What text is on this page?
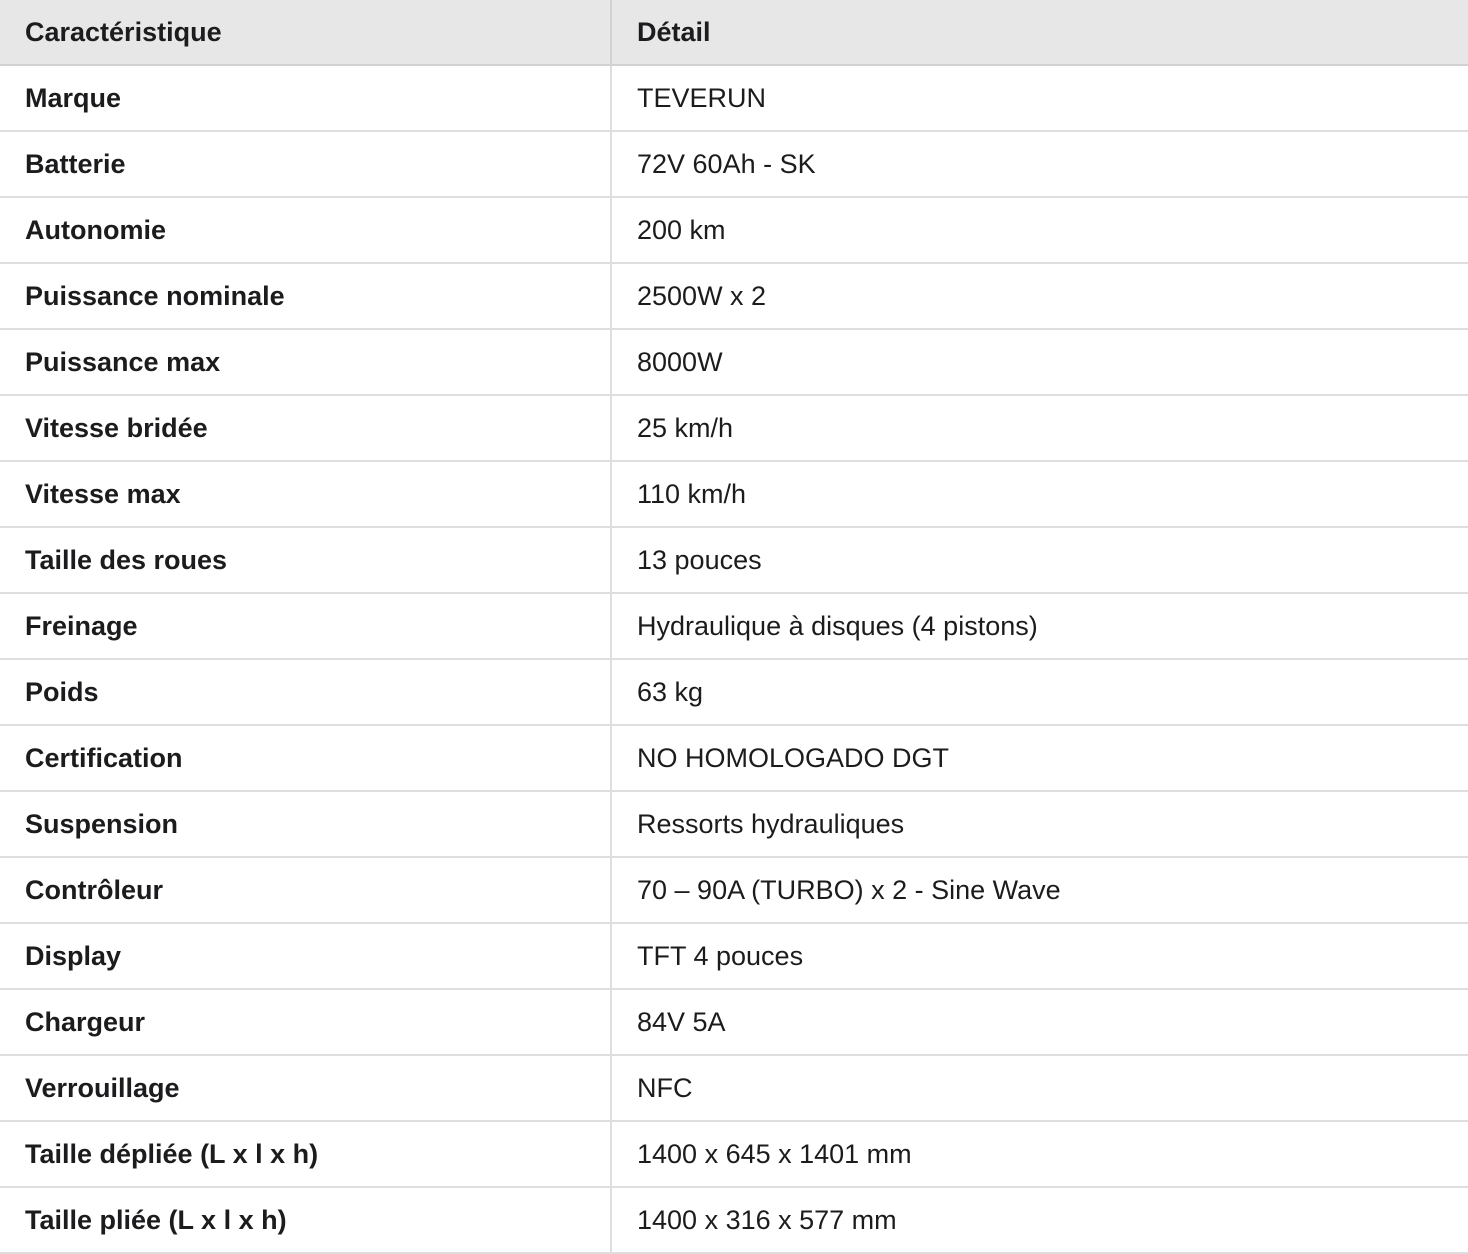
Caractéristique	Détail
Marque	TEVERUN
Batterie	72V 60Ah - SK
Autonomie	200 km
Puissance nominale	2500W x 2
Puissance max	8000W
Vitesse bridée	25 km/h
Vitesse max	110 km/h
Taille des roues	13 pouces
Freinage	Hydraulique à disques (4 pistons)
Poids	63 kg
Certification	NO HOMOLOGADO DGT
Suspension	Ressorts hydrauliques
Contrôleur	70 – 90A (TURBO) x 2 - Sine Wave
Display	TFT 4 pouces
Chargeur	84V 5A
Verrouillage	NFC
Taille dépliée (L x l x h)	1400 x 645 x 1401 mm
Taille pliée (L x l x h)	1400 x 316 x 577 mm
